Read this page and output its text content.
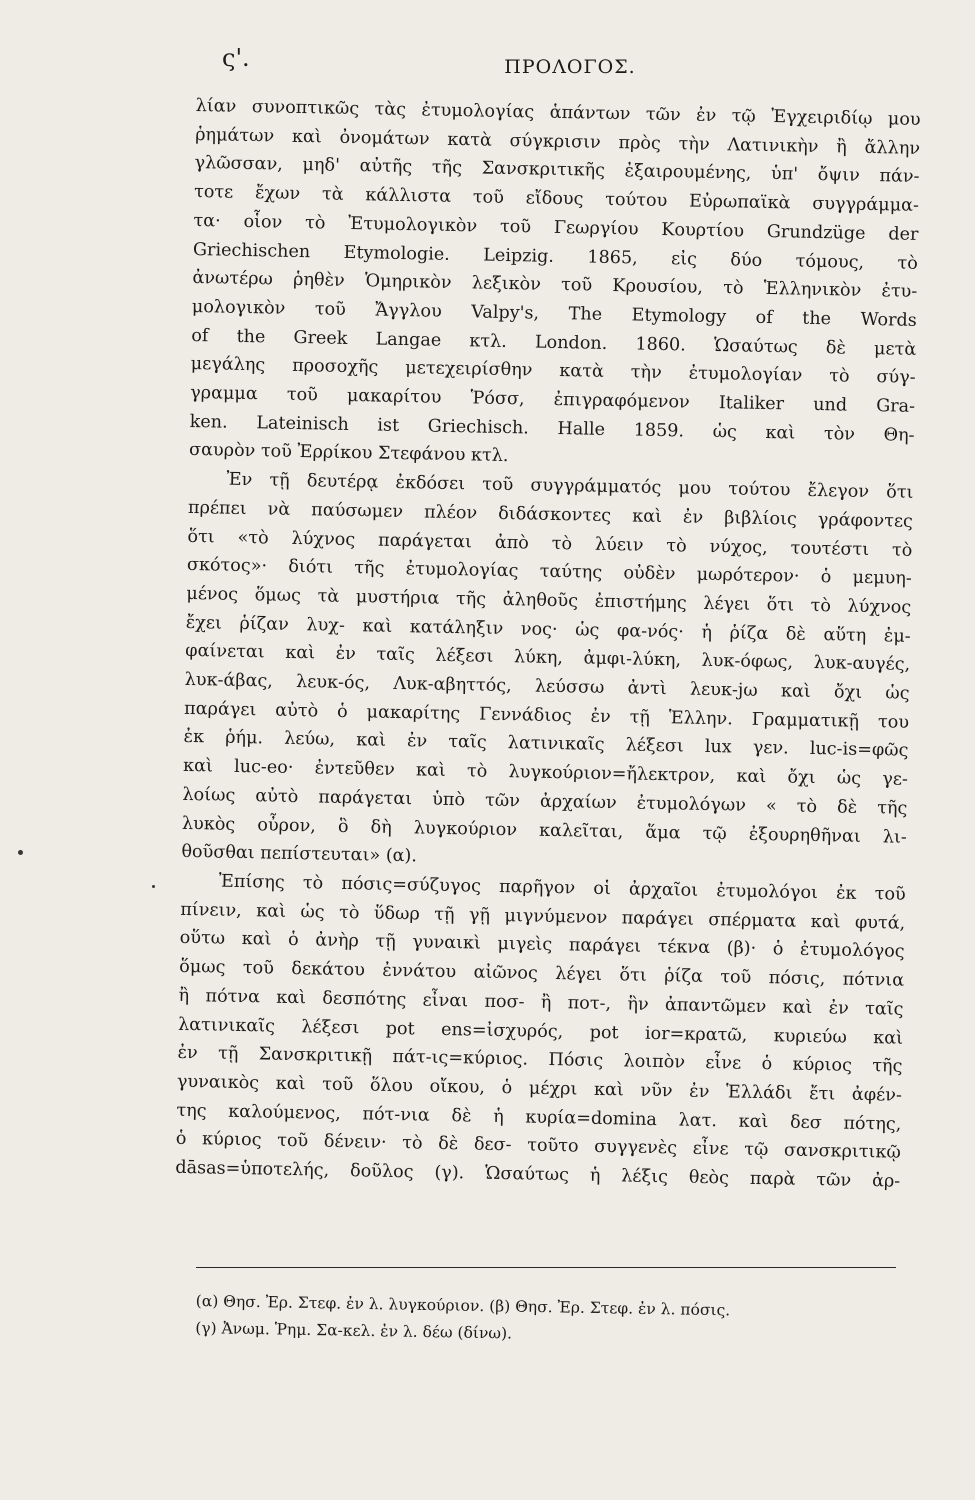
ς'.	ΠΡΟΛΟΓΟΣ.
λίαν συνοπτικῶς τὰς ἐτυμολογίας ἁπάντων τῶν ἐν τῷ Ἐγχειριδίῳ μου
ῥημάτων καὶ ὀνομάτων κατὰ σύγκρισιν πρὸς τὴν Λατινικὴν ἢ ἄλλην
γλῶσσαν, μηδ' αὐτῆς τῆς Σανσκριτικῆς ἐξαιρουμένης, ὑπ' ὄψιν πάν-
τοτε ἔχων τὰ κάλλιστα τοῦ εἴδους τούτου Εὐρωπαϊκὰ συγγράμμα-
τα· οἷον τὸ Ἐτυμολογικὸν τοῦ Γεωργίου Κουρτίου Grundzüge der
Griechischen Etymologie. Leipzig. 1865, εἰς δύο τόμους, τὸ
ἀνωτέρω ῥηθὲν Ὁμηρικὸν λεξικὸν τοῦ Κρουσίου, τὸ Ἑλληνικὸν ἐτυ-
μολογικὸν τοῦ Ἄγγλου Valpy's, The Etymology of the Words
of the Greek Langae κτλ. London. 1860. Ὡσαύτως δὲ μετὰ
μεγάλης προσοχῆς μετεχειρίσθην κατὰ τὴν ἐτυμολογίαν τὸ σύγ-
γραμμα τοῦ μακαρίτου Ῥόσσ, ἐπιγραφόμενον Italiker und Gra-
ken. Lateinisch ist Griechisch. Halle 1859. ὡς καὶ τὸν Θη-
σαυρὸν τοῦ Ἐρρίκου Στεφάνου κτλ.
Ἐν τῇ δευτέρᾳ ἐκδόσει τοῦ συγγράμματός μου τούτου ἔλεγον ὅτι
πρέπει νὰ παύσωμεν πλέον διδάσκοντες καὶ ἐν βιβλίοις γράφοντες
ὅτι «τὸ λύχνος παράγεται ἀπὸ τὸ λύειν τὸ νύχος, τουτέστι τὸ
σκότος»· διότι τῆς ἐτυμολογίας ταύτης οὐδὲν μωρότερον· ὁ μεμυη-
μένος ὅμως τὰ μυστήρια τῆς ἀληθοῦς ἐπιστήμης λέγει ὅτι τὸ λύχνος
ἔχει ῥίζαν λυχ- καὶ κατάληξιν νος· ὡς φα-νός· ἡ ῥίζα δὲ αὕτη ἐμ-
φαίνεται καὶ ἐν ταῖς λέξεσι λύκη, ἀμφι-λύκη, λυκ-όφως, λυκ-αυγές,
λυκ-άβας, λευκ-ός, Λυκ-αβηττός, λεύσσω ἀντὶ λευκ-jω καὶ ὄχι ὡς
παράγει αὐτὸ ὁ μακαρίτης Γεννάδιος ἐν τῇ Ἑλλην. Γραμματικῇ του
ἐκ ῥήμ. λεύω, καὶ ἐν ταῖς λατινικαῖς λέξεσι lux γεν. luc-is=φῶς
καὶ luc-eo· ἐντεῦθεν καὶ τὸ λυγκούριον=ἤλεκτρον, καὶ ὄχι ὡς γε-
λοίως αὐτὸ παράγεται ὑπὸ τῶν ἀρχαίων ἐτυμολόγων « τὸ δὲ τῆς
λυκὸς οὖρον, ὃ δὴ λυγκούριον καλεῖται, ἅμα τῷ ἐξουρηθῆναι λι-
θοῦσθαι πεπίστευται» (α).
Ἐπίσης τὸ πόσις=σύζυγος παρῆγον οἱ ἀρχαῖοι ἐτυμολόγοι ἐκ τοῦ
πίνειν, καὶ ὡς τὸ ὕδωρ τῇ γῇ μιγνύμενον παράγει σπέρματα καὶ φυτά,
οὕτω καὶ ὁ ἀνὴρ τῇ γυναικὶ μιγεὶς παράγει τέκνα (β)· ὁ ἐτυμολόγος
ὅμως τοῦ δεκάτου ἐννάτου αἰῶνος λέγει ὅτι ῥίζα τοῦ πόσις, πότνια
ἢ πότνα καὶ δεσπότης εἶναι ποσ- ἢ ποτ-, ἣν ἀπαντῶμεν καὶ ἐν ταῖς
λατινικαῖς λέξεσι pot ens=ἰσχυρός, pot ior=κρατῶ, κυριεύω καὶ
ἐν τῇ Σανσκριτικῇ πάτ-ις=κύριος. Πόσις λοιπὸν εἶνε ὁ κύριος τῆς
γυναικὸς καὶ τοῦ ὅλου οἴκου, ὁ μέχρι καὶ νῦν ἐν Ἑλλάδι ἔτι ἀφέν-
της καλούμενος, πότ-νια δὲ ἡ κυρία=domina λατ. καὶ δεσ πότης,
ὁ κύριος τοῦ δένειν· τὸ δὲ δεσ- τοῦτο συγγενὲς εἶνε τῷ σανσκριτικῷ
dāsas=ὑποτελής, δοῦλος (γ). Ὡσαύτως ἡ λέξις θεὸς παρὰ τῶν ἀρ-
(α) Θησ. Ἐρ. Στεφ. ἐν λ. λυγκούριον. (β) Θησ. Ἐρ. Στεφ. ἐν λ. πόσις.
(γ) Ἀνωμ. Ῥημ. Σα-κελ. ἐν λ. δέω (δίνω).
